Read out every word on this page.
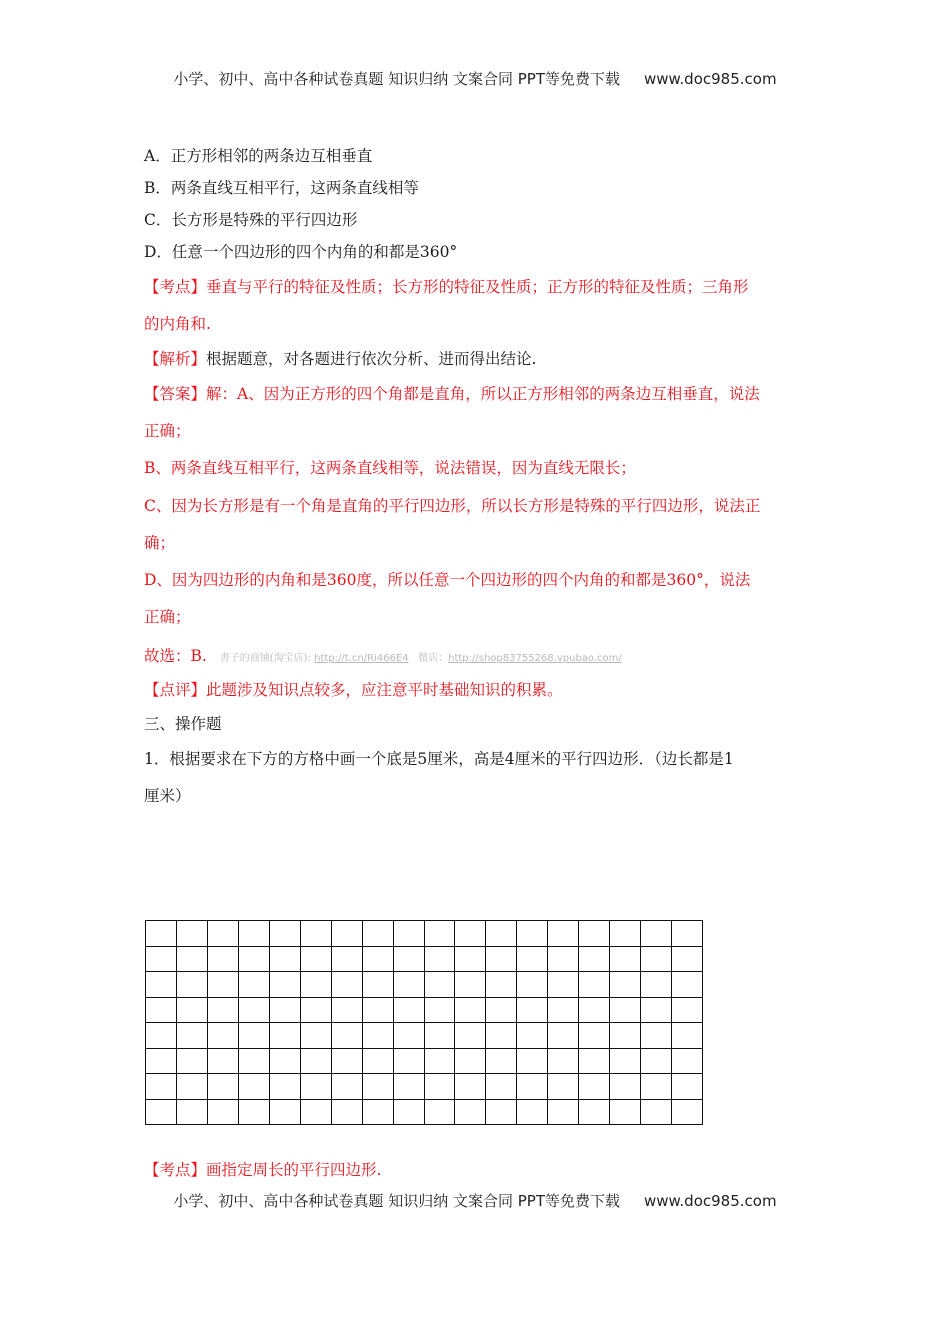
小学、初中、高中各种试卷真题 知识归纳 文案合同 PPT等免费下载 www.doc985.com
A．正方形相邻的两条边互相垂直
B．两条直线互相平行，这两条直线相等
C．长方形是特殊的平行四边形
D．任意一个四边形的四个内角的和都是360°
【考点】垂直与平行的特征及性质；长方形的特征及性质；正方形的特征及性质；三角形
的内角和.
【解析】根据题意，对各题进行依次分析、进而得出结论.
【答案】解：A、因为正方形的四个角都是直角，所以正方形相邻的两条边互相垂直，说法
正确；
B、两条直线互相平行，这两条直线相等，说法错误，因为直线无限长；
C、因为长方形是有一个角是直角的平行四边形，所以长方形是特殊的平行四边形，说法正
确；
D、因为四边形的内角和是360度，所以任意一个四边形的四个内角的和都是360°，说法
正确；
故选：B. 書子的商铺(淘宝店): http://t.cn/Ri466E4 微店：http://shop83755268.vpubao.com/
【点评】此题涉及知识点较多，应注意平时基础知识的积累。
三、操作题
1．根据要求在下方的方格中画一个底是5厘米，高是4厘米的平行四边形．（边长都是1
厘米）
【考点】画指定周长的平行四边形.
小学、初中、高中各种试卷真题 知识归纳 文案合同 PPT等免费下载 www.doc985.com
